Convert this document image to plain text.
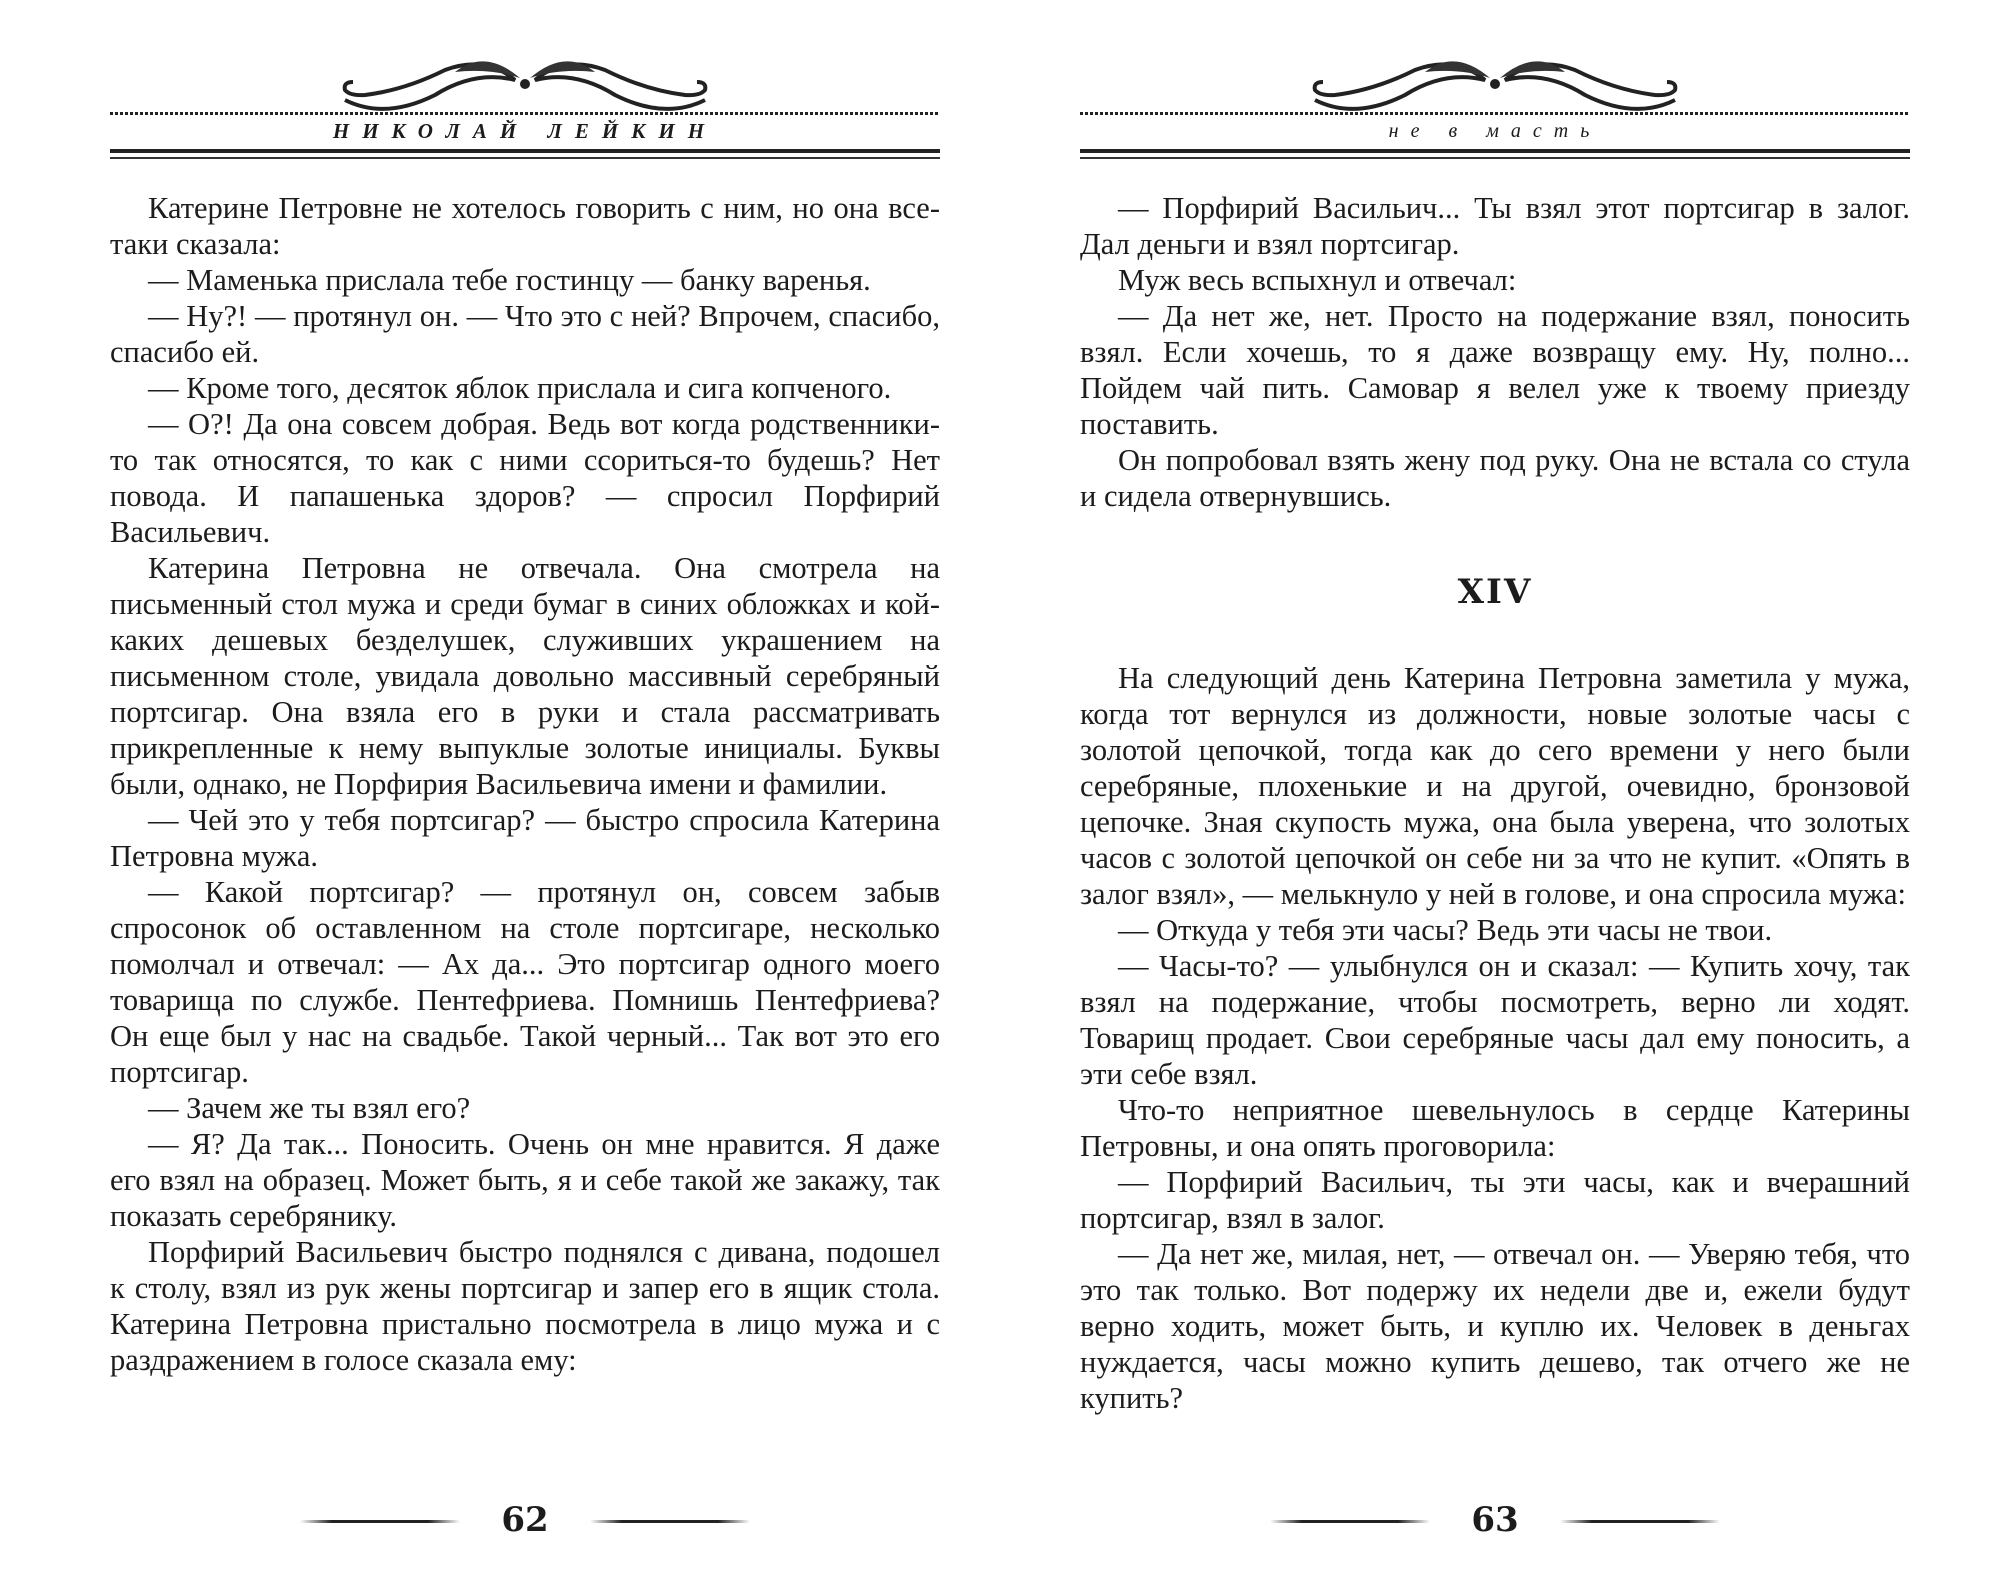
НИКОЛАЙ ЛЕЙКИН

Катерине Петровне не хотелось говорить с ним, но она все-таки сказала:

— Маменька прислала тебе гостинцу — банку варенья.

— Ну?! — протянул он. — Что это с ней? Впрочем, спасибо, спасибо ей.

— Кроме того, десяток яблок прислала и сига копченого.

— О?! Да она совсем добрая. Ведь вот когда родственники-то так относятся, то как с ними ссориться-то будешь? Нет повода. И папашенька здоров? — спросил Порфирий Васильевич.

Катерина Петровна не отвечала. Она смотрела на письменный стол мужа и среди бумаг в синих обложках и кой-каких дешевых безделушек, служивших украшением на письменном столе, увидала довольно массивный серебряный портсигар. Она взяла его в руки и стала рассматривать прикрепленные к нему выпуклые золотые инициалы. Буквы были, однако, не Порфирия Васильевича имени и фамилии.

— Чей это у тебя портсигар? — быстро спросила Катерина Петровна мужа.

— Какой портсигар? — протянул он, совсем забыв спросонок об оставленном на столе портсигаре, несколько помолчал и отвечал: — Ах да... Это портсигар одного моего товарища по службе. Пентефриева. Помнишь Пентефриева? Он еще был у нас на свадьбе. Такой черный... Так вот это его портсигар.

— Зачем же ты взял его?

— Я? Да так... Поносить. Очень он мне нравится. Я даже его взял на образец. Может быть, я и себе такой же закажу, так показать серебрянику.

Порфирий Васильевич быстро поднялся с дивана, подошел к столу, взял из рук жены портсигар и запер его в ящик стола. Катерина Петровна пристально посмотрела в лицо мужа и с раздражением в голосе сказала ему:

62
не в масть

— Порфирий Васильич... Ты взял этот портсигар в залог. Дал деньги и взял портсигар.

Муж весь вспыхнул и отвечал:

— Да нет же, нет. Просто на подержание взял, поносить взял. Если хочешь, то я даже возвращу ему. Ну, полно... Пойдем чай пить. Самовар я велел уже к твоему приезду поставить.

Он попробовал взять жену под руку. Она не встала со стула и сидела отвернувшись.

XIV

На следующий день Катерина Петровна заметила у мужа, когда тот вернулся из должности, новые золотые часы с золотой цепочкой, тогда как до сего времени у него были серебряные, плохенькие и на другой, очевидно, бронзовой цепочке. Зная скупость мужа, она была уверена, что золотых часов с золотой цепочкой он себе ни за что не купит. «Опять в залог взял», — мелькнуло у ней в голове, и она спросила мужа:

— Откуда у тебя эти часы? Ведь эти часы не твои.

— Часы-то? — улыбнулся он и сказал: — Купить хочу, так взял на подержание, чтобы посмотреть, верно ли ходят. Товарищ продает. Свои серебряные часы дал ему поносить, а эти себе взял.

Что-то неприятное шевельнулось в сердце Катерины Петровны, и она опять проговорила:

— Порфирий Васильич, ты эти часы, как и вчерашний портсигар, взял в залог.

— Да нет же, милая, нет, — отвечал он. — Уверяю тебя, что это так только. Вот подержу их недели две и, ежели будут верно ходить, может быть, и куплю их. Человек в деньгах нуждается, часы можно купить дешево, так отчего же не купить?

63
